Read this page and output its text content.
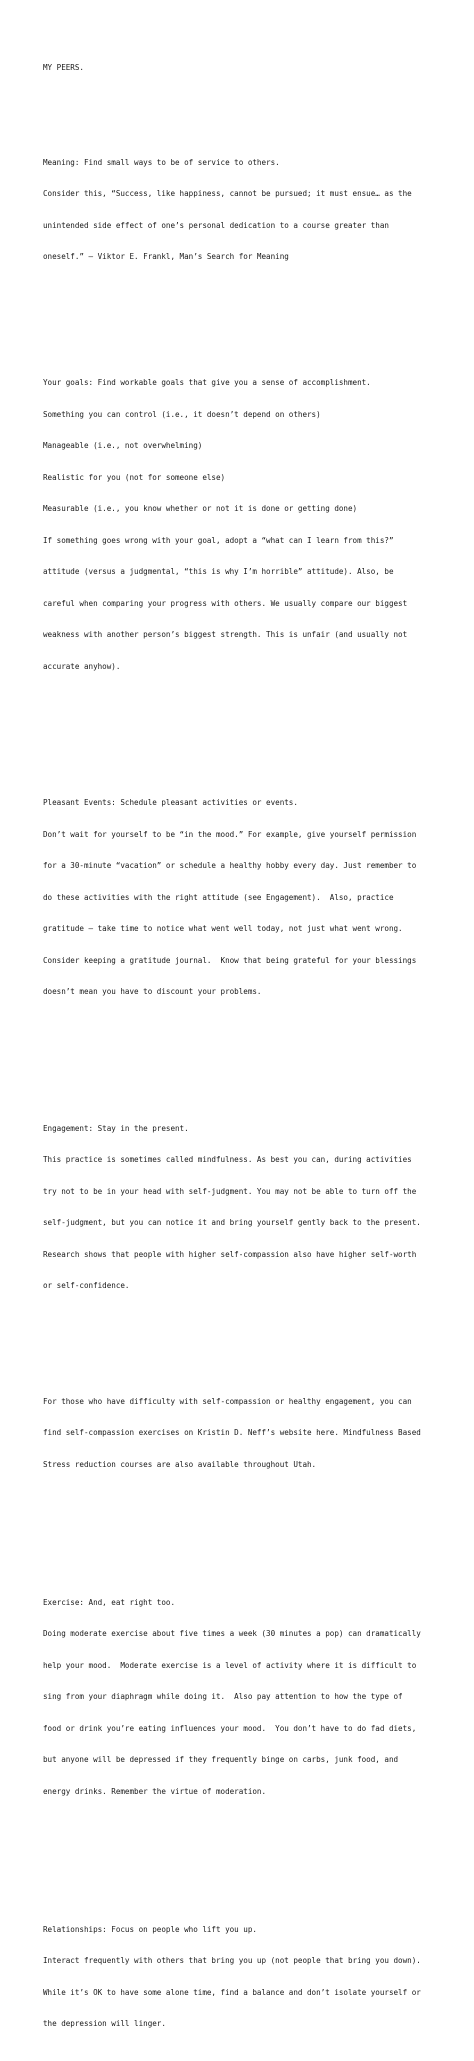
MY PEERS.

Meaning: Find small ways to be of service to others.

Consider this, “Success, like happiness, cannot be pursued; it must ensue… as the

unintended side effect of one’s personal dedication to a course greater than

oneself.” – Viktor E. Frankl, Man’s Search for Meaning

Your goals: Find workable goals that give you a sense of accomplishment.

Something you can control (i.e., it doesn’t depend on others)

Manageable (i.e., not overwhelming)

Realistic for you (not for someone else)

Measurable (i.e., you know whether or not it is done or getting done)

If something goes wrong with your goal, adopt a “what can I learn from this?”

attitude (versus a judgmental, “this is why I’m horrible” attitude). Also, be

careful when comparing your progress with others. We usually compare our biggest

weakness with another person’s biggest strength. This is unfair (and usually not

accurate anyhow).

Pleasant Events: Schedule pleasant activities or events.

Don’t wait for yourself to be “in the mood.” For example, give yourself permission

for a 30-minute “vacation” or schedule a healthy hobby every day. Just remember to

do these activities with the right attitude (see Engagement).  Also, practice

gratitude – take time to notice what went well today, not just what went wrong.

Consider keeping a gratitude journal.  Know that being grateful for your blessings

doesn’t mean you have to discount your problems.

Engagement: Stay in the present.

This practice is sometimes called mindfulness. As best you can, during activities

try not to be in your head with self-judgment. You may not be able to turn off the

self-judgment, but you can notice it and bring yourself gently back to the present.

Research shows that people with higher self-compassion also have higher self-worth

or self-confidence.

For those who have difficulty with self-compassion or healthy engagement, you can

find self-compassion exercises on Kristin D. Neff’s website here. Mindfulness Based

Stress reduction courses are also available throughout Utah.

Exercise: And, eat right too.

Doing moderate exercise about five times a week (30 minutes a pop) can dramatically

help your mood.  Moderate exercise is a level of activity where it is difficult to

sing from your diaphragm while doing it.  Also pay attention to how the type of

food or drink you’re eating influences your mood.  You don’t have to do fad diets,

but anyone will be depressed if they frequently binge on carbs, junk food, and

energy drinks. Remember the virtue of moderation.

Relationships: Focus on people who lift you up.

Interact frequently with others that bring you up (not people that bring you down).

While it’s OK to have some alone time, find a balance and don’t isolate yourself or

the depression will linger.
